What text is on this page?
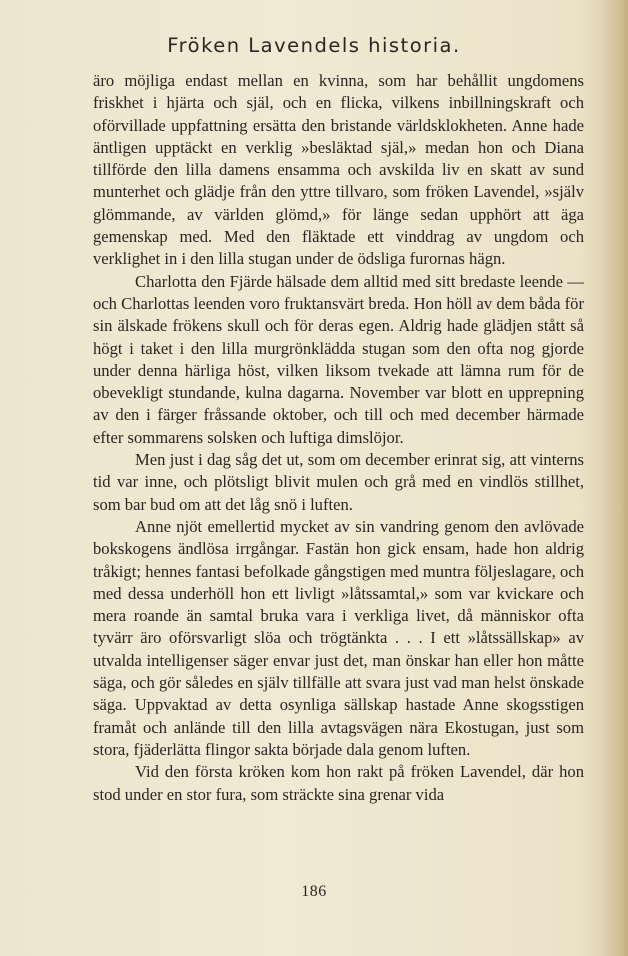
Fröken Lavendels historia.

äro möjliga endast mellan en kvinna, som har behållit ungdomens friskhet i hjärta och själ, och en flicka, vilkens inbillningskraft och oförvillade uppfattning ersätta den bristande världsklokheten. Anne hade äntligen upptäckt en verklig »besläktad själ,» medan hon och Diana tillförde den lilla damens ensamma och avskilda liv en skatt av sund munterhet och glädje från den yttre tillvaro, som fröken Lavendel, »själv glömmande, av världen glömd,» för länge sedan upphört att äga gemenskap med. Med den fläktade ett vinddrag av ungdom och verklighet in i den lilla stugan under de ödsliga furornas hägn.

Charlotta den Fjärde hälsade dem alltid med sitt bredaste leende — och Charlottas leenden voro fruktansvärt breda. Hon höll av dem båda för sin älskade frökens skull och för deras egen. Aldrig hade glädjen stått så högt i taket i den lilla murgrönklädda stugan som den ofta nog gjorde under denna härliga höst, vilken liksom tvekade att lämna rum för de obevekligt stundande, kulna dagarna. November var blott en upprepning av den i färger fråssande oktober, och till och med december härmade efter sommarens solsken och luftiga dimslöjor.

Men just i dag såg det ut, som om december erinrat sig, att vinterns tid var inne, och plötsligt blivit mulen och grå med en vindlös stillhet, som bar bud om att det låg snö i luften.

Anne njöt emellertid mycket av sin vandring genom den avlövade bokskogens ändlösa irrgångar. Fastän hon gick ensam, hade hon aldrig tråkigt; hennes fantasi befolkade gångstigen med muntra följeslagare, och med dessa underhöll hon ett livligt »låtssamtal,» som var kvickare och mera roande än samtal bruka vara i verkliga livet, då människor ofta tyvärr äro oförsvarligt slöa och trögtänkta . . . I ett »låtssällskap» av utvalda intelligenser säger envar just det, man önskar han eller hon måtte säga, och gör således en själv tillfälle att svara just vad man helst önskade säga. Uppvaktad av detta osynliga sällskap hastade Anne skogsstigen framåt och anlände till den lilla avtagsvägen nära Ekostugan, just som stora, fjäderlätta flingor sakta började dala genom luften.

Vid den första kröken kom hon rakt på fröken Lavendel, där hon stod under en stor fura, som sträckte sina grenar vida

186
